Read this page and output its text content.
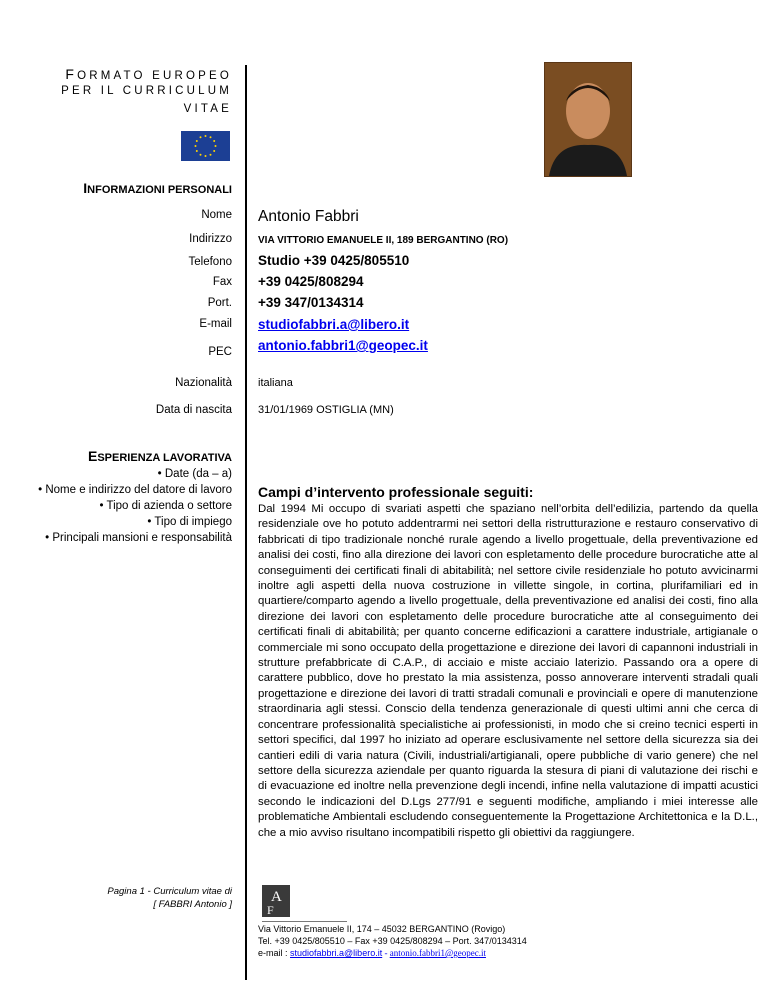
FORMATO EUROPEO
PER IL CURRICULUM
VITAE
INFORMAZIONI PERSONALI
Nome Antonio Fabbri
Indirizzo	VIA VITTORIO EMANUELE II, 189 BERGANTINO (RO)
Telefono Studio +39 0425/805510
Fax +39 0425/808294
Port. +39 347/0134314
E-mail studiofabbri.a@libero.it
PEC antonio.fabbri1@geopec.it
Nazionalità italiana
Data di nascita 31/01/1969 OSTIGLIA (MN)
ESPERIENZA LAVORATIVA
• Date (da – a)
• Nome e indirizzo del datore di lavoro
• Tipo di azienda o settore
• Tipo di impiego
• Principali mansioni e responsabilità
Campi d’intervento professionale seguiti:
Dal 1994 Mi occupo di svariati aspetti che spaziano nell’orbita dell’edilizia, partendo da quella residenziale ove ho potuto addentrarmi nei settori della ristrutturazione e restauro conservativo di fabbricati di tipo tradizionale nonché rurale agendo a livello progettuale, della preventivazione ed analisi dei costi, fino alla direzione dei lavori con espletamento delle procedure burocratiche atte al conseguimenti dei certificati finali di abitabilità; nel settore civile residenziale ho potuto avvicinarmi inoltre agli aspetti della nuova costruzione in villette singole, in cortina, plurifamiliari ed in quartiere/comparto agendo a livello progettuale, della preventivazione ed analisi dei costi, fino alla direzione dei lavori con espletamento delle procedure burocratiche atte al conseguimento dei certificati finali di abitabilità; per quanto concerne edificazioni a carattere industriale, artigianale o commerciale mi sono occupato della progettazione e direzione dei lavori di capannoni industriali in strutture prefabbricate di C.A.P., di acciaio e miste acciaio laterizio. Passando ora a opere di carattere pubblico, dove ho prestato la mia assistenza, posso annoverare interventi stradali quali progettazione e direzione dei lavori di tratti stradali comunali e provinciali e opere di manutenzione straordinaria agli stessi. Conscio della tendenza generazionale di questi ultimi anni che cerca di concentrare professionalità specialistiche ai professionisti, in modo che si creino tecnici esperti in settori specifici, dal 1997 ho iniziato ad operare esclusivamente nel settore della sicurezza sia dei cantieri edili di varia natura (Civili, industriali/artigianali, opere pubbliche di vario genere) che nel settore della sicurezza aziendale per quanto riguarda la stesura di piani di valutazione dei rischi e di evacuazione ed inoltre nella prevenzione degli incendi, infine nella valutazione di impatti acustici secondo le indicazioni del D.Lgs 277/91 e seguenti modifiche, ampliando i miei interesse alle problematiche Ambientali escludendo conseguentemente la Progettazione Architettonica e la D.L., che a mio avviso risultano incompatibili rispetto gli obiettivi da raggiungere.
Pagina 1 - Curriculum vitae di
[ FABBRI Antonio ]	A
F
Via Vittorio Emanuele II, 174 – 45032 BERGANTINO (Rovigo)
Tel. +39 0425/805510 – Fax +39 0425/808294 – Port. 347/0134314
e-mail : studiofabbri.a@libero.it - antonio.fabbri1@geopec.it
